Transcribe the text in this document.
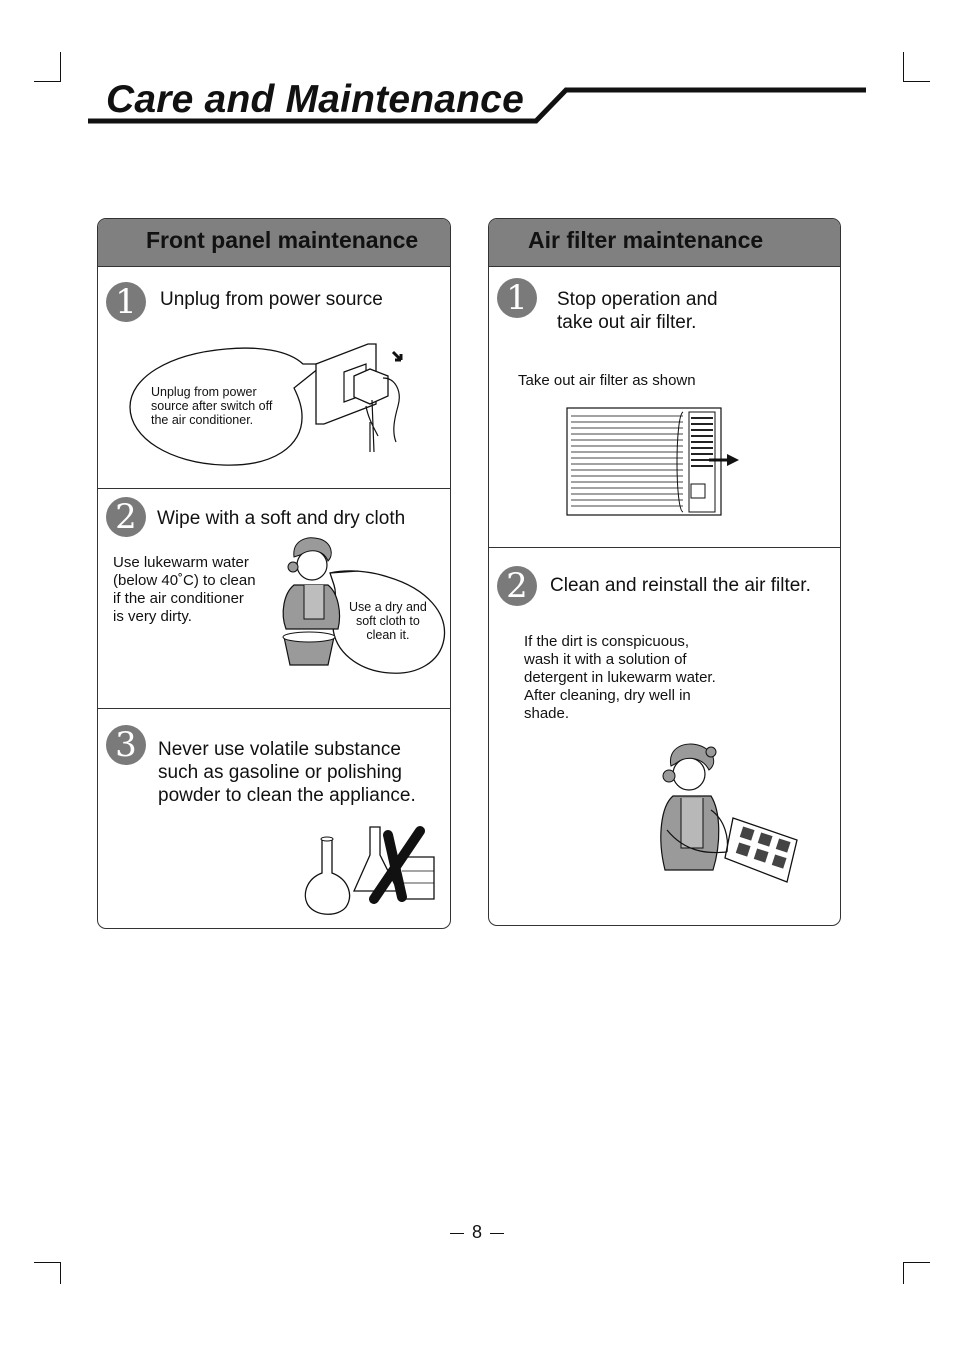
Care and Maintenance
Front panel maintenance
1	Unplug from power source
Unplug from power
source after switch off
the air conditioner.
2	Wipe with a soft and dry cloth
Use lukewarm water
(below 40˚C) to clean
if the air conditioner
is very dirty.
Use a dry and
soft cloth to
clean it.
3	Never use volatile substance
such as gasoline or polishing
powder to clean the appliance.
Air filter maintenance
1	Stop operation and
take out air filter.
Take out air filter as shown
2	Clean and reinstall the air filter.
If the dirt is conspicuous,
wash it with a solution of
detergent in lukewarm water.
After cleaning, dry well in
shade.
8
